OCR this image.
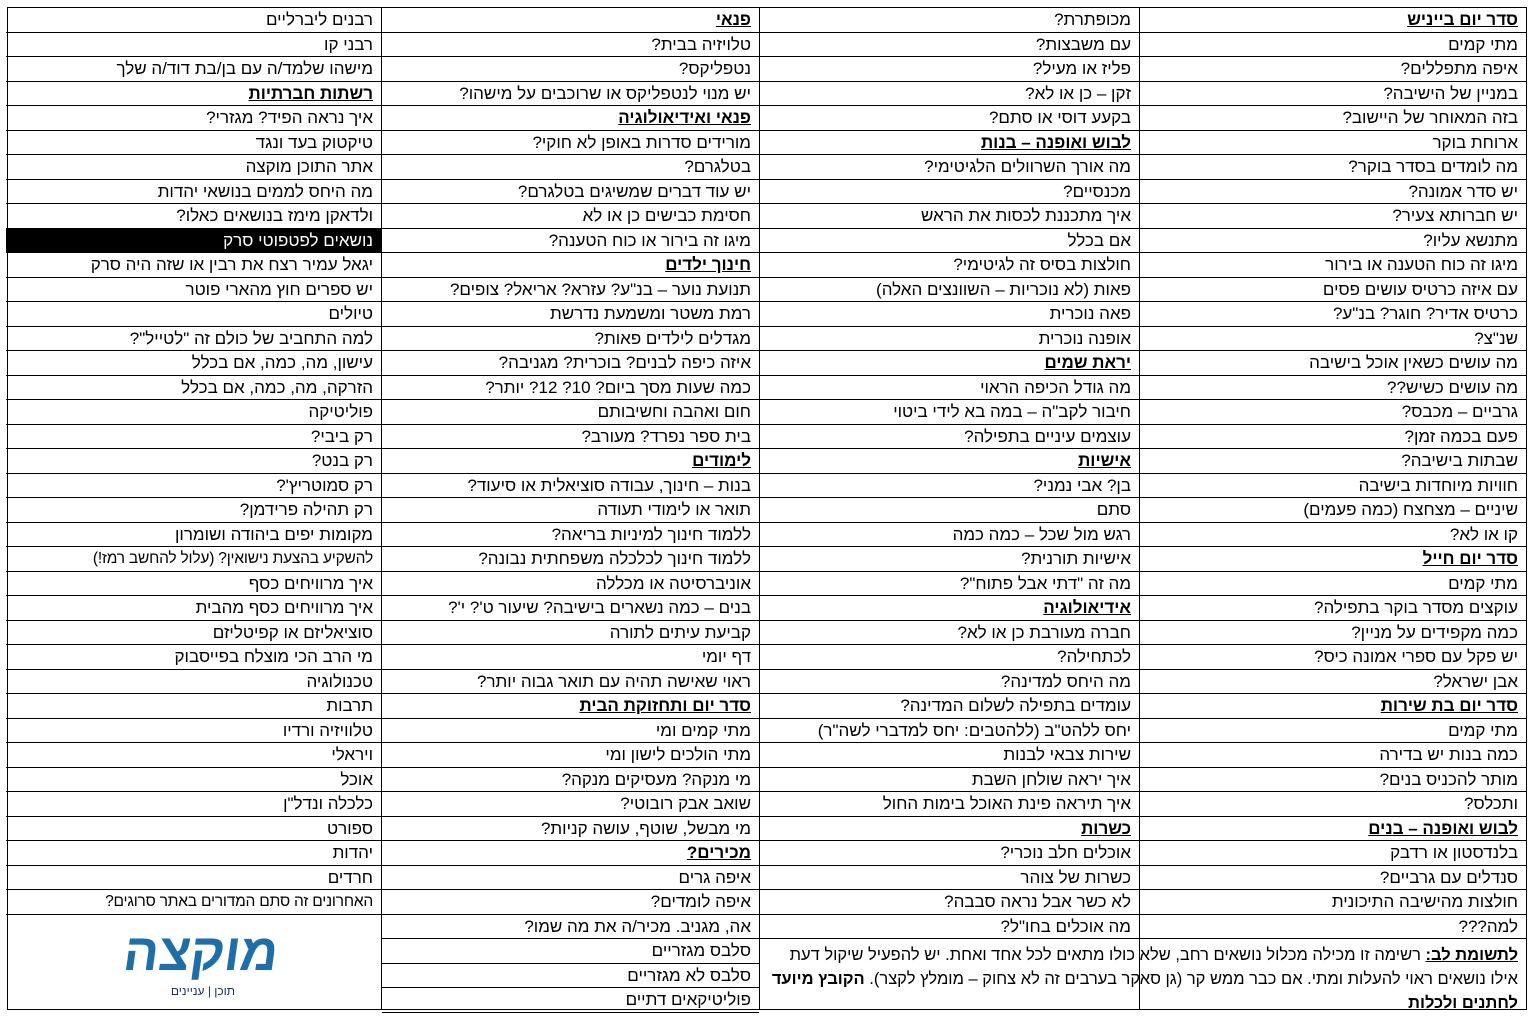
סדר יום בייניש
מתי קמים
איפה מתפללים?
במניין של הישיבה?
בזה המאוחר של היישוב?
ארוחת בוקר
מה לומדים בסדר בוקר?
יש סדר אמונה?
יש חברותא צעיר?
מתנשא עליו?
מיגו זה כוח הטענה או בירור
עם איזה כרטיס עושים פסים
כרטיס אדיר? חוגר? בנ"ע?
שנ"צ?
מה עושים כשאין אוכל בישיבה
מה עושים כשיש??
גרביים – מכבס?
פעם בכמה זמן?
שבתות בישיבה?
חוויות מיוחדות בישיבה
שיניים – מצחצח (כמה פעמים)
קו או לא?
סדר יום חייל
מתי קמים
עוקצים מסדר בוקר בתפילה?
כמה מקפידים על מניין?
יש פקל עם ספרי אמונה כיס?
אבן ישראל?
סדר יום בת שירות
מתי קמים
כמה בנות יש בדירה
מותר להכניס בנים?
ותכלס?
לבוש ואופנה – בנים
בלנדסטון או רדבק
סנדלים עם גרביים?
חולצות מהישיבה התיכונית
למה???
מכופתרת?
עם משבצות?
פליז או מעיל?
זקן – כן או לא?
בקעע דוסי או סתם?
לבוש ואופנה – בנות
מה אורך השרוולים הלגיטימי?
מכנסיים?
איך מתכננת לכסות את הראש
אם בכלל
חולצות בסיס זה לגיטימי?
פאות (לא נוכריות – השוונצים האלה)
פאה נוכרית
אופנה נוכרית
יראת שמים
מה גודל הכיפה הראוי
חיבור לקב"ה – במה בא לידי ביטוי
עוצמים עיניים בתפילה?
אישיות
בן? אבי נמני?
סתם
רגש מול שכל – כמה כמה
אישיות תורנית?
מה זה "דתי אבל פתוח"?
אידיאולוגיה
חברה מעורבת כן או לא?
לכתחילה?
מה היחס למדינה?
עומדים בתפילה לשלום המדינה?
יחס ללהט"ב (ללהטבים: יחס למדברי לשה"ר)
שירות צבאי לבנות
איך יראה שולחן השבת
איך תיראה פינת האוכל בימות החול
כשרות
אוכלים חלב נוכרי?
כשרות של צוהר
לא כשר אבל נראה סבבה?
מה אוכלים בחו"ל?
פנאי
טלויזיה בבית?
נטפליקס?
יש מנוי לנטפליקס או שרוכבים על מישהו?
פנאי ואידיאולוגיה
מורידים סדרות באופן לא חוקי?
בטלגרם?
יש עוד דברים שמשיגים בטלגרם?
חסימת כבישים כן או לא
מיגו זה בירור או כוח הטענה?
חינוך ילדים
תנועת נוער – בנ"ע? עזרא? אריאל? צופים?
רמת משטר ומשמעת נדרשת
מגדלים לילדים פאות?
איזה כיפה לבנים? בוכרית? מגניבה?
כמה שעות מסך ביום? 10? 12? יותר?
חום ואהבה וחשיבותם
בית ספר נפרד? מעורב?
לימודים
בנות – חינוך, עבודה סוציאלית או סיעוד?
תואר או לימודי תעודה
ללמוד חינוך למיניות בריאה?
ללמוד חינוך לכלכלה משפחתית נבונה?
אוניברסיטה או מכללה
בנים – כמה נשארים בישיבה? שיעור ט'? י'?
קביעת עיתים לתורה
דף יומי
ראוי שאישה תהיה עם תואר גבוה יותר?
סדר יום ותחזוקת הבית
מתי קמים ומי
מתי הולכים לישון ומי
מי מנקה? מעסיקים מנקה?
שואב אבק רובוטי?
מי מבשל, שוטף, עושה קניות?
מכירים?
איפה גרים
איפה לומדים?
אה, מגניב. מכיר/ה את מה שמו?
סלבס מגזריים
סלבס לא מגזריים
פוליטיקאים דתיים
רבנים ליברליים
רבני קו
מישהו שלמד/ה עם בן/בת דוד/ה שלך
רשתות חברתיות
איך נראה הפיד? מגזרי?
טיקטוק בעד ונגד
אתר התוכן מוקצה
מה היחס לממים בנושאי יהדות
ולדאקן מימז בנושאים כאלו?
נושאים לפטפוטי סרק
יגאל עמיר רצח את רבין או שזה היה סרק
יש ספרים חוץ מהארי פוטר
טיולים
למה התחביב של כולם זה "לטייל"?
עישון, מה, כמה, אם בכלל
הזרקה, מה, כמה, אם בכלל
פוליטיקה
רק ביבי?
רק בנט?
רק סמוטריץ'?
רק תהילה פרידמן?
מקומות יפים ביהודה ושומרון
להשקיע בהצעת נישואין? (עלול להחשב רמז!)
איך מרוויחים כסף
איך מרוויחים כסף מהבית
סוציאליזם או קפיטליזם
מי הרב הכי מוצלח בפייסבוק
טכנולוגיה
תרבות
טלוויזיה ורדיו
ויראלי
אוכל
כלכלה ונדל"ן
ספורט
יהדות
חרדים
האחרונים זה סתם המדורים באתר סרוגים?
לתשומת לב: רשימה זו מכילה מכלול נושאים רחב, שלא כולו מתאים לכל אחד ואחת. יש להפעיל שיקול דעת אילו נושאים ראוי להעלות ומתי. אם כבר ממש קר (גן סאקר בערבים זה לא צחוק – מומלץ לקצר). הקובץ מיועד לחתנים ולכלות
מוקצה
תוכן | עניינים
